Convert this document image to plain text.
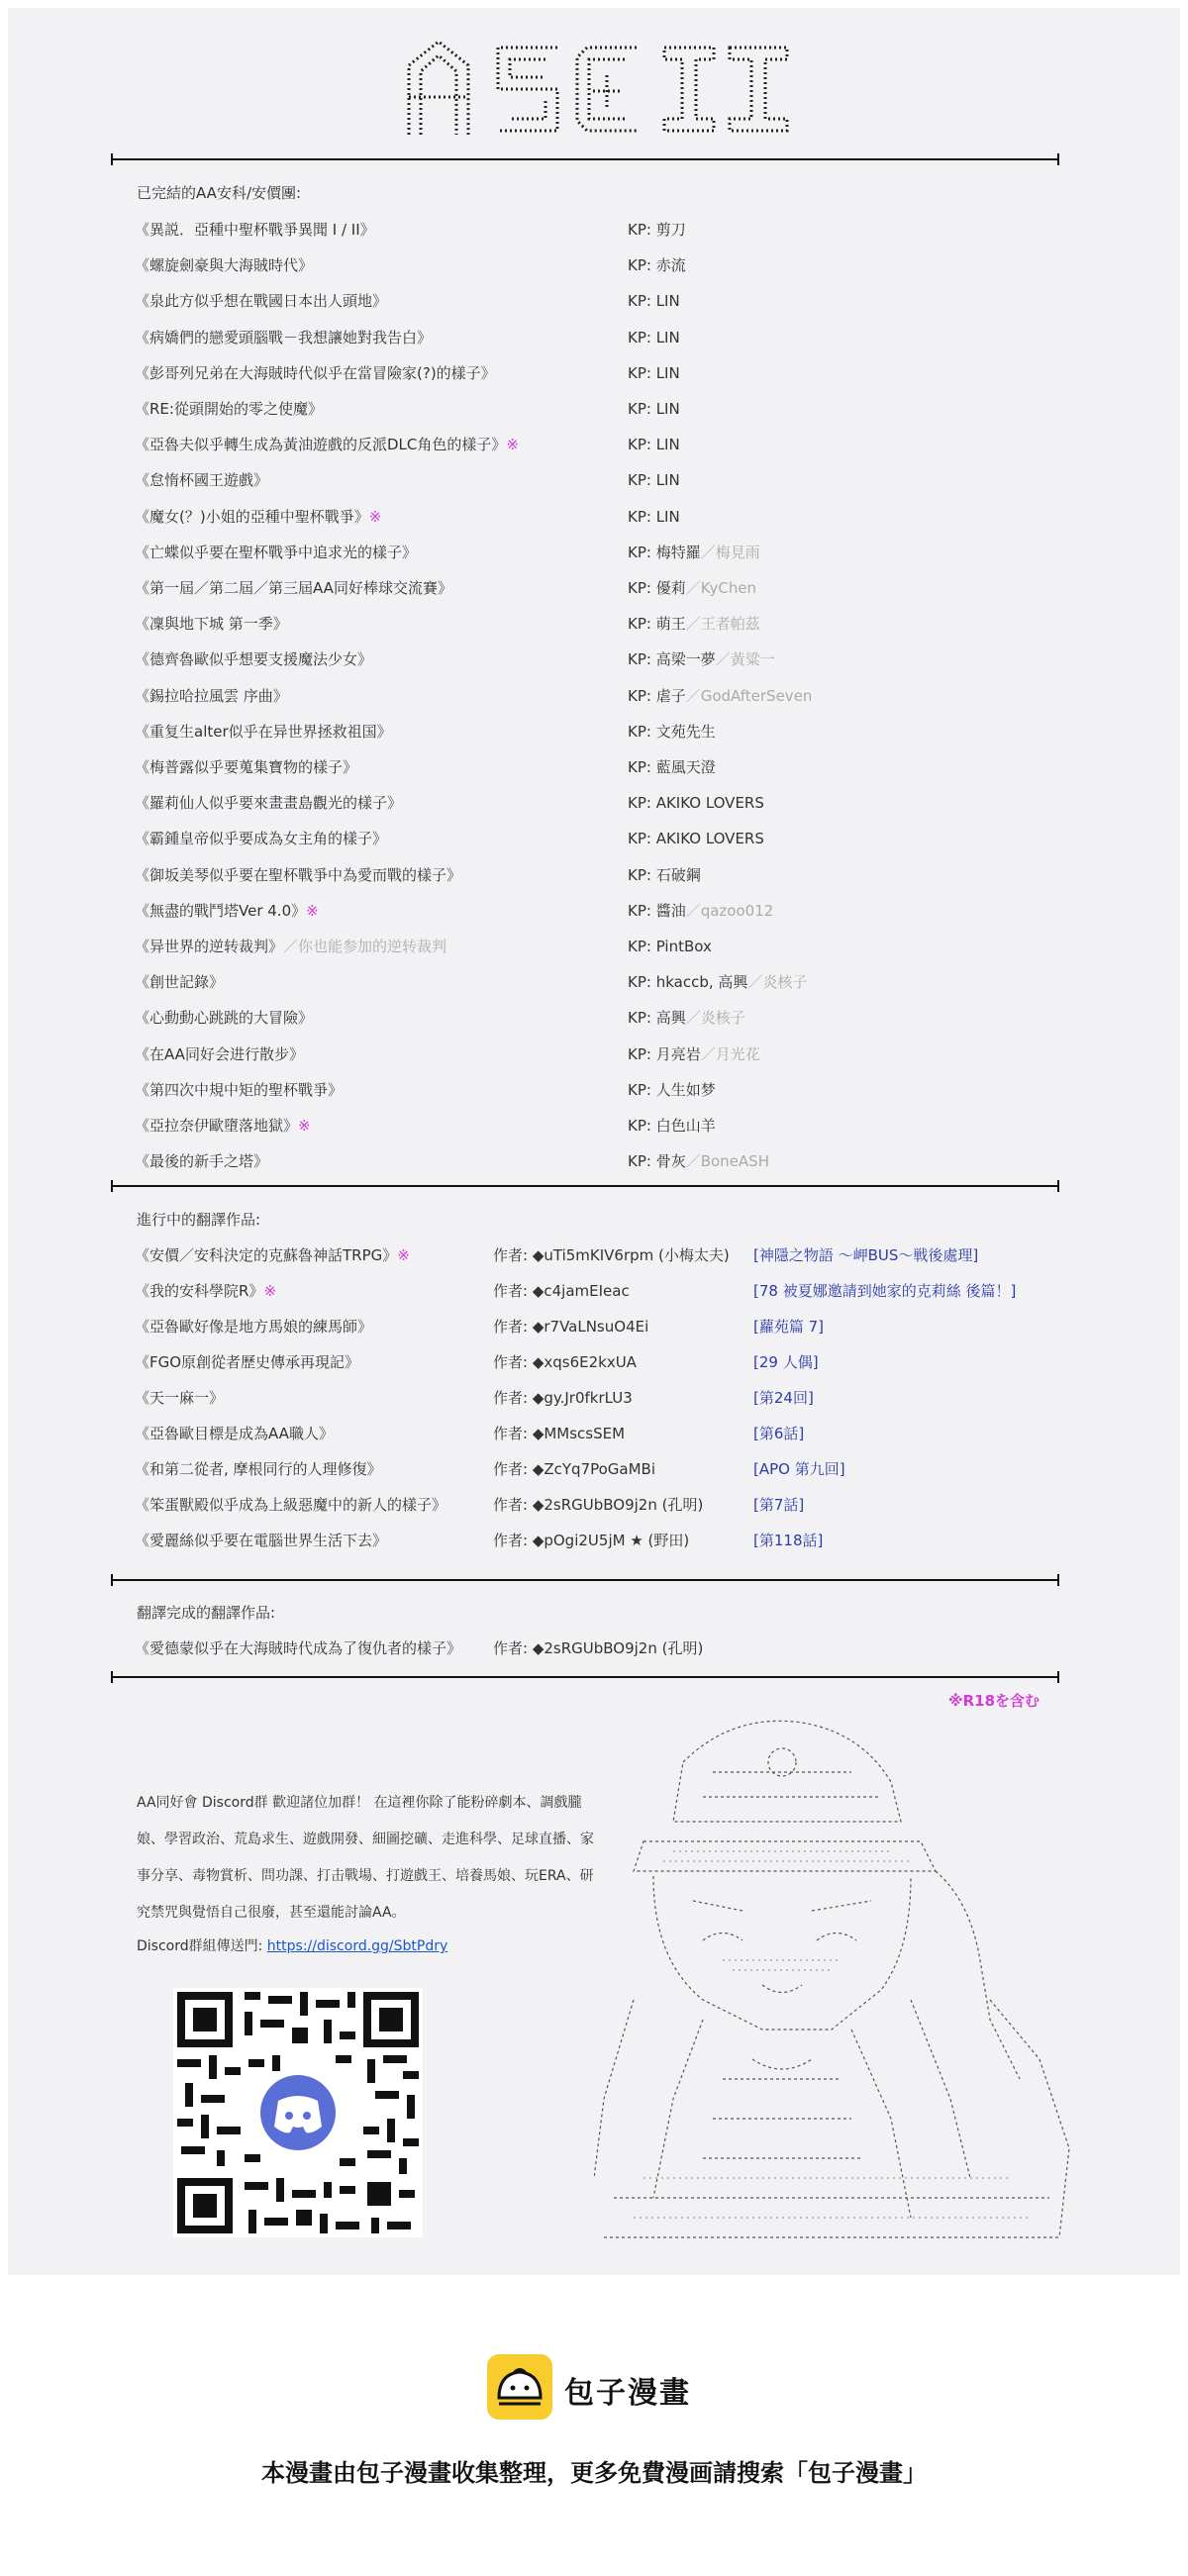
已完結的AA安科/安價團:
《異説．亞種中聖杯戰爭異聞 I / II》	KP: 剪刀
《螺旋劍豪與大海賊時代》	KP: 赤流
《泉此方似乎想在戰國日本出人頭地》	KP: LIN
《病嬌們的戀愛頭腦戰－我想讓她對我告白》	KP: LIN
《彭哥列兄弟在大海賊時代似乎在當冒險家(?)的樣子》	KP: LIN
《RE:從頭開始的零之使魔》	KP: LIN
《亞魯夫似乎轉生成為黃油遊戲的反派DLC角色的樣子》※	KP: LIN
《怠惰杯國王遊戲》	KP: LIN
《魔女(？)小姐的亞種中聖杯戰爭》※	KP: LIN
《亡蝶似乎要在聖杯戰爭中追求光的樣子》	KP: 梅特羅／梅見雨
《第一屆／第二屆／第三屆AA同好棒球交流賽》	KP: 優莉／KyChen
《凜與地下城 第一季》	KP: 萌王／王者帕茲
《德齊魯歐似乎想要支援魔法少女》	KP: 高梁一夢／黃粱一
《錫拉哈拉風雲 序曲》	KP: 虐子／GodAfterSeven
《重复生alter似乎在异世界拯救祖国》	KP: 文苑先生
《梅普露似乎要蒐集寶物的樣子》	KP: 藍風天澄
《羅莉仙人似乎要來畫畫島觀光的樣子》	KP: AKIKO LOVERS
《霸鍾皇帝似乎要成為女主角的樣子》	KP: AKIKO LOVERS
《御坂美琴似乎要在聖杯戰爭中為愛而戰的樣子》	KP: 石破鋼
《無盡的戰鬥塔Ver 4.0》※	KP: 醬油／qazoo012
《异世界的逆转裁判》／你也能参加的逆转裁判	KP: PintBox
《創世記錄》	KP: hkaccb, 高興／炎核子
《心動動心跳跳的大冒險》	KP: 高興／炎核子
《在AA同好会进行散步》	KP: 月亮岩／月光花
《第四次中規中矩的聖杯戰爭》	KP: 人生如梦
《亞拉奈伊歐墮落地獄》※	KP: 白色山羊
《最後的新手之塔》	KP: 骨灰／BoneASH
進行中的翻譯作品:
《安價／安科決定的克蘇魯神話TRPG》※	作者: ◆uTi5mKIV6rpm (小梅太夫) [神隱之物語 ～岬BUS～戦後處理]
《我的安科學院R》※	作者: ◆c4jamEIeac	[78 被夏娜邀請到她家的克莉絲 後篇！]
《亞魯歐好像是地方馬娘的練馬師》	作者: ◆r7VaLNsuO4Ei	[蘿苑篇 7]
《FGO原創從者歷史傳承再現記》	作者: ◆xqs6E2kxUA	[29 人偶]
《天一麻一》	作者: ◆gy.Jr0fkrLU3	[第24回]
《亞魯歐目標是成為AA職人》	作者: ◆MMscsSEM	[第6話]
《和第二從者, 摩根同行的人理修復》	作者: ◆ZcYq7PoGaMBi	[APO 第九回]
《笨蛋獸殿似乎成為上級惡魔中的新人的樣子》	作者: ◆2sRGUbBO9j2n (孔明)	[第7話]
《愛麗絲似乎要在電腦世界生活下去》	作者: ◆pOgi2U5jM ★ (野田)	[第118話]
翻譯完成的翻譯作品:
《愛德蒙似乎在大海賊時代成為了復仇者的樣子》 作者: ◆2sRGUbBO9j2n (孔明)
※R18を含む
AA同好會 Discord群 歡迎諸位加群！ 在這裡你除了能粉碎劇本、調戲朧娘、學習政治、荒島求生、遊戲開發、細圖挖礦、走進科學、足球直播、家事分享、毒物賞析、問功課、打击戰場、打遊戲王、培養馬娘、玩ERA、研究禁咒與覺悟自己很廢，甚至還能討論AA。
Discord群組傳送門: https://discord.gg/SbtPdry
包子漫畫
本漫畫由包子漫畫收集整理，更多免費漫画請搜索「包子漫畫」
